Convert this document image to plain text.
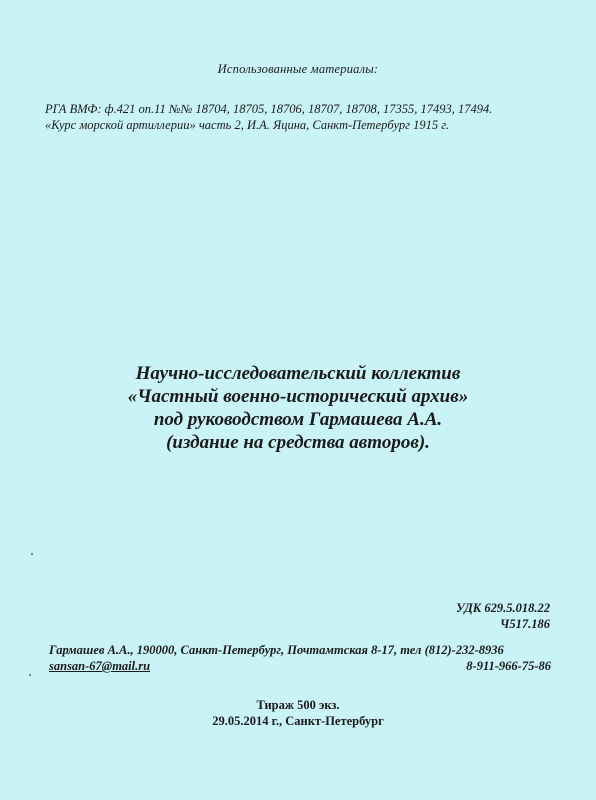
Использованные материалы:
РГА ВМФ: ф.421 оп.11 №№ 18704, 18705, 18706, 18707, 18708, 17355, 17493, 17494.
«Курс морской артиллерии» часть 2, И.А. Яцина, Санкт-Петербург 1915 г.
Научно-исследовательский коллектив
«Частный военно-исторический архив»
под руководством Гармашева А.А.
(издание на средства авторов).
УДК 629.5.018.22
Ч517.186
Гармашев А.А., 190000, Санкт-Петербург, Почтамтская 8-17, тел (812)-232-8936
sansan-67@mail.ru	8-911-966-75-86
Тираж 500 экз.
29.05.2014 г., Санкт-Петербург
